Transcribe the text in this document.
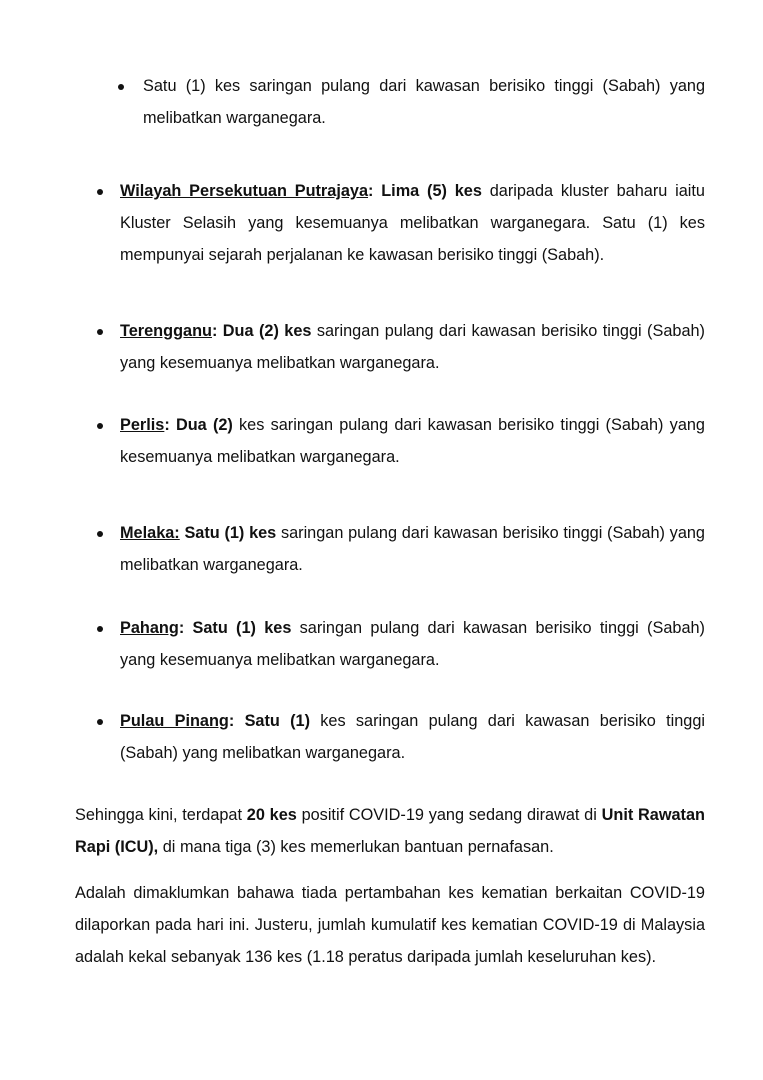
Satu (1) kes saringan pulang dari kawasan berisiko tinggi (Sabah) yang melibatkan warganegara.
Wilayah Persekutuan Putrajaya: Lima (5) kes daripada kluster baharu iaitu Kluster Selasih yang kesemuanya melibatkan warganegara. Satu (1) kes mempunyai sejarah perjalanan ke kawasan berisiko tinggi (Sabah).
Terengganu: Dua (2) kes saringan pulang dari kawasan berisiko tinggi (Sabah) yang kesemuanya melibatkan warganegara.
Perlis: Dua (2) kes saringan pulang dari kawasan berisiko tinggi (Sabah) yang kesemuanya melibatkan warganegara.
Melaka: Satu (1) kes saringan pulang dari kawasan berisiko tinggi (Sabah) yang melibatkan warganegara.
Pahang: Satu (1) kes saringan pulang dari kawasan berisiko tinggi (Sabah) yang kesemuanya melibatkan warganegara.
Pulau Pinang: Satu (1) kes saringan pulang dari kawasan berisiko tinggi (Sabah) yang melibatkan warganegara.
Sehingga kini, terdapat 20 kes positif COVID-19 yang sedang dirawat di Unit Rawatan Rapi (ICU), di mana tiga (3) kes memerlukan bantuan pernafasan.
Adalah dimaklumkan bahawa tiada pertambahan kes kematian berkaitan COVID-19 dilaporkan pada hari ini. Justeru, jumlah kumulatif kes kematian COVID-19 di Malaysia adalah kekal sebanyak 136 kes (1.18 peratus daripada jumlah keseluruhan kes).
